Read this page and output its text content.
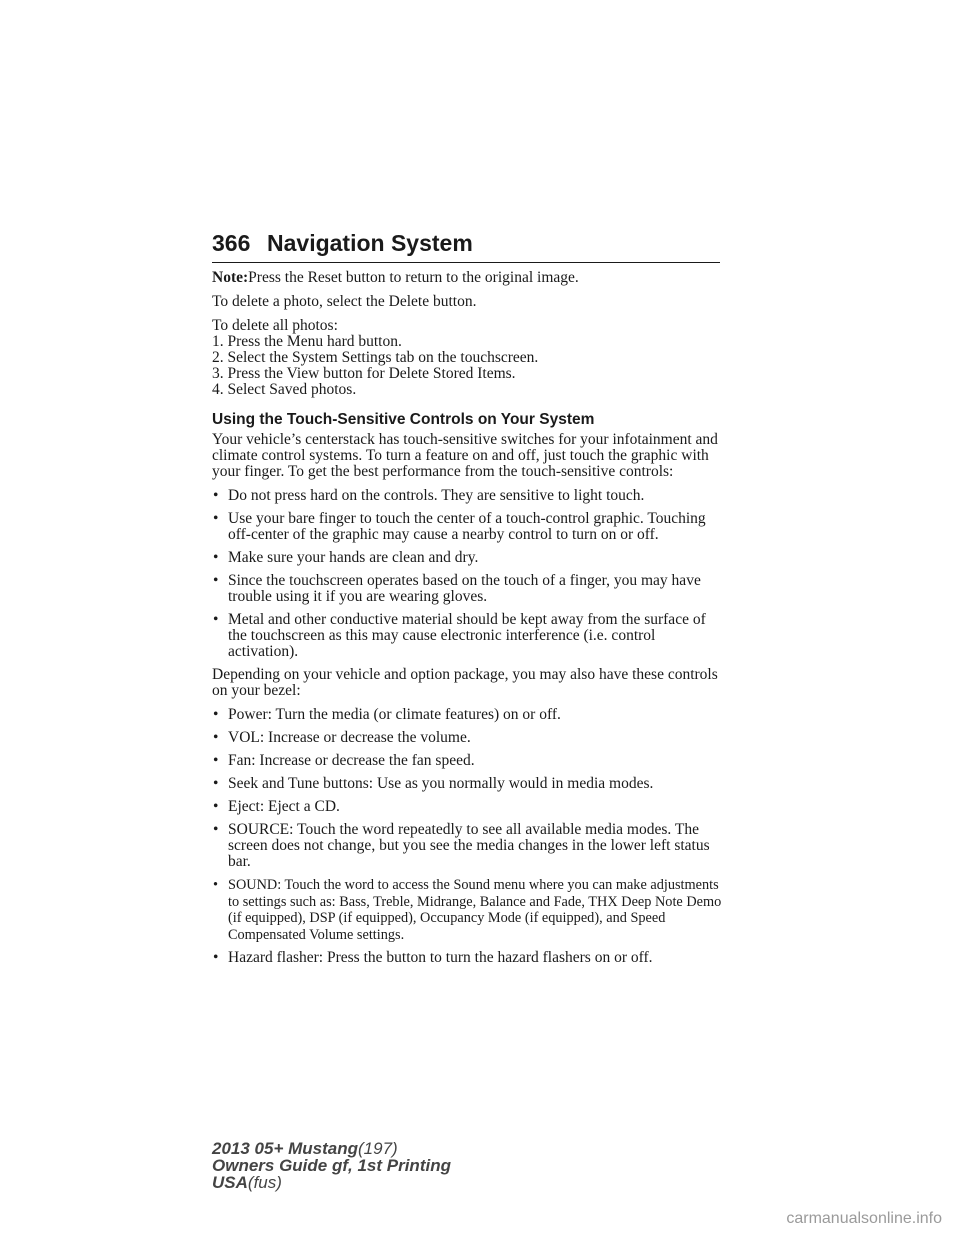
366 Navigation System

Note:Press the Reset button to return to the original image.

To delete a photo, select the Delete button.

To delete all photos:
1. Press the Menu hard button.
2. Select the System Settings tab on the touchscreen.
3. Press the View button for Delete Stored Items.
4. Select Saved photos.
Using the Touch-Sensitive Controls on Your System

Your vehicle’s centerstack has touch-sensitive switches for your infotainment and climate control systems. To turn a feature on and off, just touch the graphic with your finger. To get the best performance from the touch-sensitive controls:

• Do not press hard on the controls. They are sensitive to light touch.
• Use your bare finger to touch the center of a touch-control graphic. Touching off-center of the graphic may cause a nearby control to turn on or off.
• Make sure your hands are clean and dry.
• Since the touchscreen operates based on the touch of a finger, you may have trouble using it if you are wearing gloves.
• Metal and other conductive material should be kept away from the surface of the touchscreen as this may cause electronic interference (i.e. control activation).

Depending on your vehicle and option package, you may also have these controls on your bezel:

• Power: Turn the media (or climate features) on or off.
• VOL: Increase or decrease the volume.
• Fan: Increase or decrease the fan speed.
• Seek and Tune buttons: Use as you normally would in media modes.
• Eject: Eject a CD.
• SOURCE: Touch the word repeatedly to see all available media modes. The screen does not change, but you see the media changes in the lower left status bar.
• SOUND: Touch the word to access the Sound menu where you can make adjustments to settings such as: Bass, Treble, Midrange, Balance and Fade, THX Deep Note Demo (if equipped), DSP (if equipped), Occupancy Mode (if equipped), and Speed Compensated Volume settings.
• Hazard flasher: Press the button to turn the hazard flashers on or off.
2013 05+ Mustang(197)
Owners Guide gf, 1st Printing
USA(fus)
carmanualsonline.info
